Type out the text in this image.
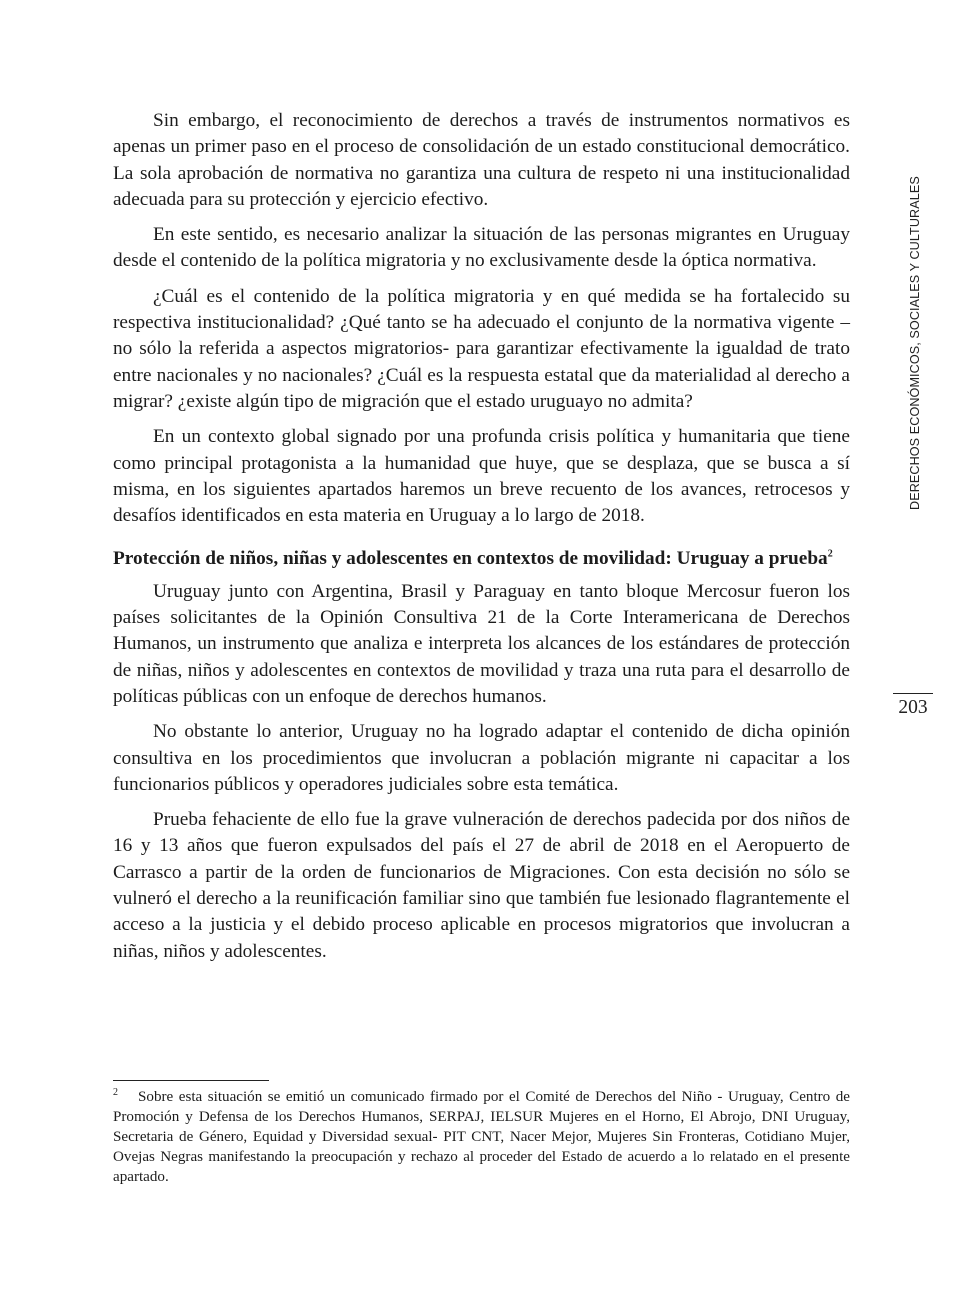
Sin embargo, el reconocimiento de derechos a través de instrumentos normativos es apenas un primer paso en el proceso de consolidación de un estado constitucional democrático. La sola aprobación de normativa no garantiza una cultura de respeto ni una institucionalidad adecuada para su protección y ejercicio efectivo.

En este sentido, es necesario analizar la situación de las personas migrantes en Uruguay desde el contenido de la política migratoria y no exclusivamente desde la óptica normativa.

¿Cuál es el contenido de la política migratoria y en qué medida se ha fortalecido su respectiva institucionalidad? ¿Qué tanto se ha adecuado el conjunto de la normativa vigente – no sólo la referida a aspectos migratorios- para garantizar efectivamente la igualdad de trato entre nacionales y no nacionales? ¿Cuál es la respuesta estatal que da materialidad al derecho a migrar? ¿existe algún tipo de migración que el estado uruguayo no admita?

En un contexto global signado por una profunda crisis política y humanitaria que tiene como principal protagonista a la humanidad que huye, que se desplaza, que se busca a sí misma, en los siguientes apartados haremos un breve recuento de los avances, retrocesos y desafíos identificados en esta materia en Uruguay a lo largo de 2018.

Protección de niños, niñas y adolescentes en contextos de movilidad: Uruguay a prueba$^2$

Uruguay junto con Argentina, Brasil y Paraguay en tanto bloque Mercosur fueron los países solicitantes de la Opinión Consultiva 21 de la Corte Interamericana de Derechos Humanos, un instrumento que analiza e interpreta los alcances de los estándares de protección de niñas, niños y adolescentes en contextos de movilidad y traza una ruta para el desarrollo de políticas públicas con un enfoque de derechos humanos.

No obstante lo anterior, Uruguay no ha logrado adaptar el contenido de dicha opinión consultiva en los procedimientos que involucran a población migrante ni capacitar a los funcionarios públicos y operadores judiciales sobre esta temática.

Prueba fehaciente de ello fue la grave vulneración de derechos padecida por dos niños de 16 y 13 años que fueron expulsados del país el 27 de abril de 2018 en el Aeropuerto de Carrasco a partir de la orden de funcionarios de Migraciones. Con esta decisión no sólo se vulneró el derecho a la reunificación familiar sino que también fue lesionado flagrantemente el acceso a la justicia y el debido proceso aplicable en procesos migratorios que involucran a niñas, niños y adolescentes.

DERECHOS ECONÓMICOS, SOCIALES Y CULTURALES
203
$^2$ Sobre esta situación se emitió un comunicado firmado por el Comité de Derechos del Niño - Uruguay, Centro de Promoción y Defensa de los Derechos Humanos, SERPAJ, IELSUR Mujeres en el Horno, El Abrojo, DNI Uruguay, Secretaria de Género, Equidad y Diversidad sexual- PIT CNT, Nacer Mejor, Mujeres Sin Fronteras, Cotidiano Mujer, Ovejas Negras manifestando la preocupación y rechazo al proceder del Estado de acuerdo a lo relatado en el presente apartado.
